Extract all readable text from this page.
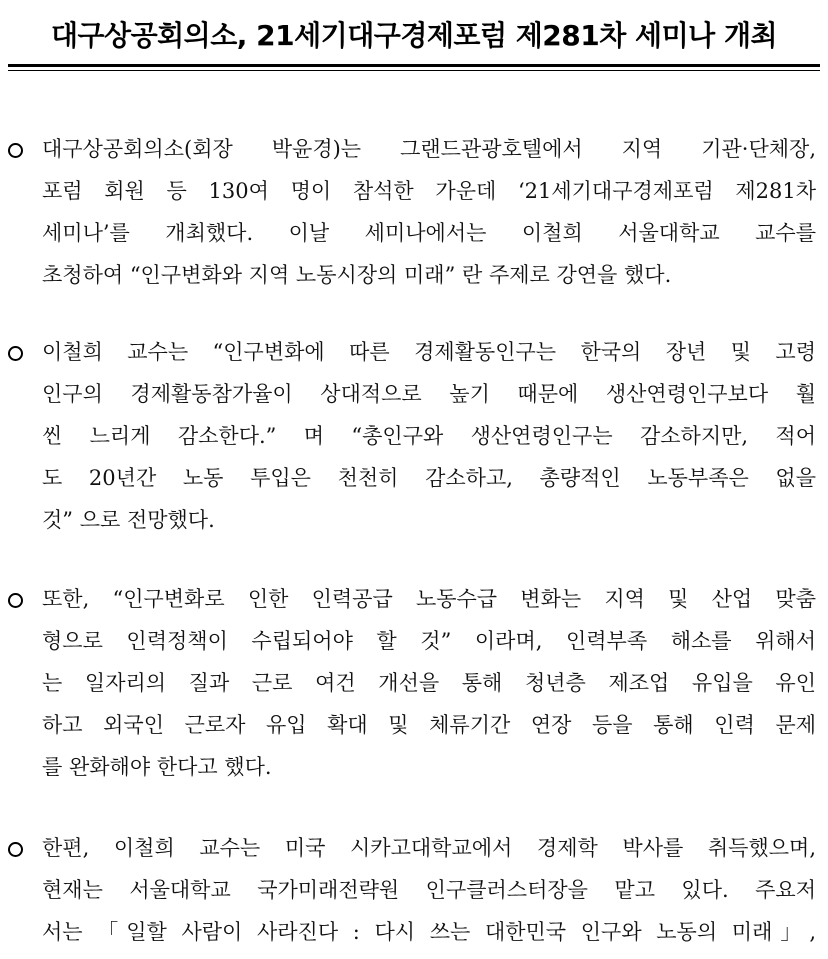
대구상공회의소, 21세기대구경제포럼 제281차 세미나 개최
대구상공회의소(회장 박윤경)는 그랜드관광호텔에서 지역 기관·단체장,
포럼 회원 등 130여 명이 참석한 가운데 ‘21세기대구경제포럼 제281차
세미나’를 개최했다. 이날 세미나에서는 이철희 서울대학교 교수를
초청하여 “인구변화와 지역 노동시장의 미래” 란 주제로 강연을 했다.
이철희 교수는 “인구변화에 따른 경제활동인구는 한국의 장년 및 고령
인구의 경제활동참가율이 상대적으로 높기 때문에 생산연령인구보다 훨
씬 느리게 감소한다.” 며 “총인구와 생산연령인구는 감소하지만, 적어
도 20년간 노동 투입은 천천히 감소하고, 총량적인 노동부족은 없을
것” 으로 전망했다.
또한, “인구변화로 인한 인력공급 노동수급 변화는 지역 및 산업 맞춤
형으로 인력정책이 수립되어야 할 것” 이라며, 인력부족 해소를 위해서
는 일자리의 질과 근로 여건 개선을 통해 청년층 제조업 유입을 유인
하고 외국인 근로자 유입 확대 및 체류기간 연장 등을 통해 인력 문제
를 완화해야 한다고 했다.
한편, 이철희 교수는 미국 시카고대학교에서 경제학 박사를 취득했으며,
현재는 서울대학교 국가미래전략원 인구클러스터장을 맡고 있다. 주요저
서는 「일할 사람이 사라진다 : 다시 쓰는 대한민국 인구와 노동의 미래」,
